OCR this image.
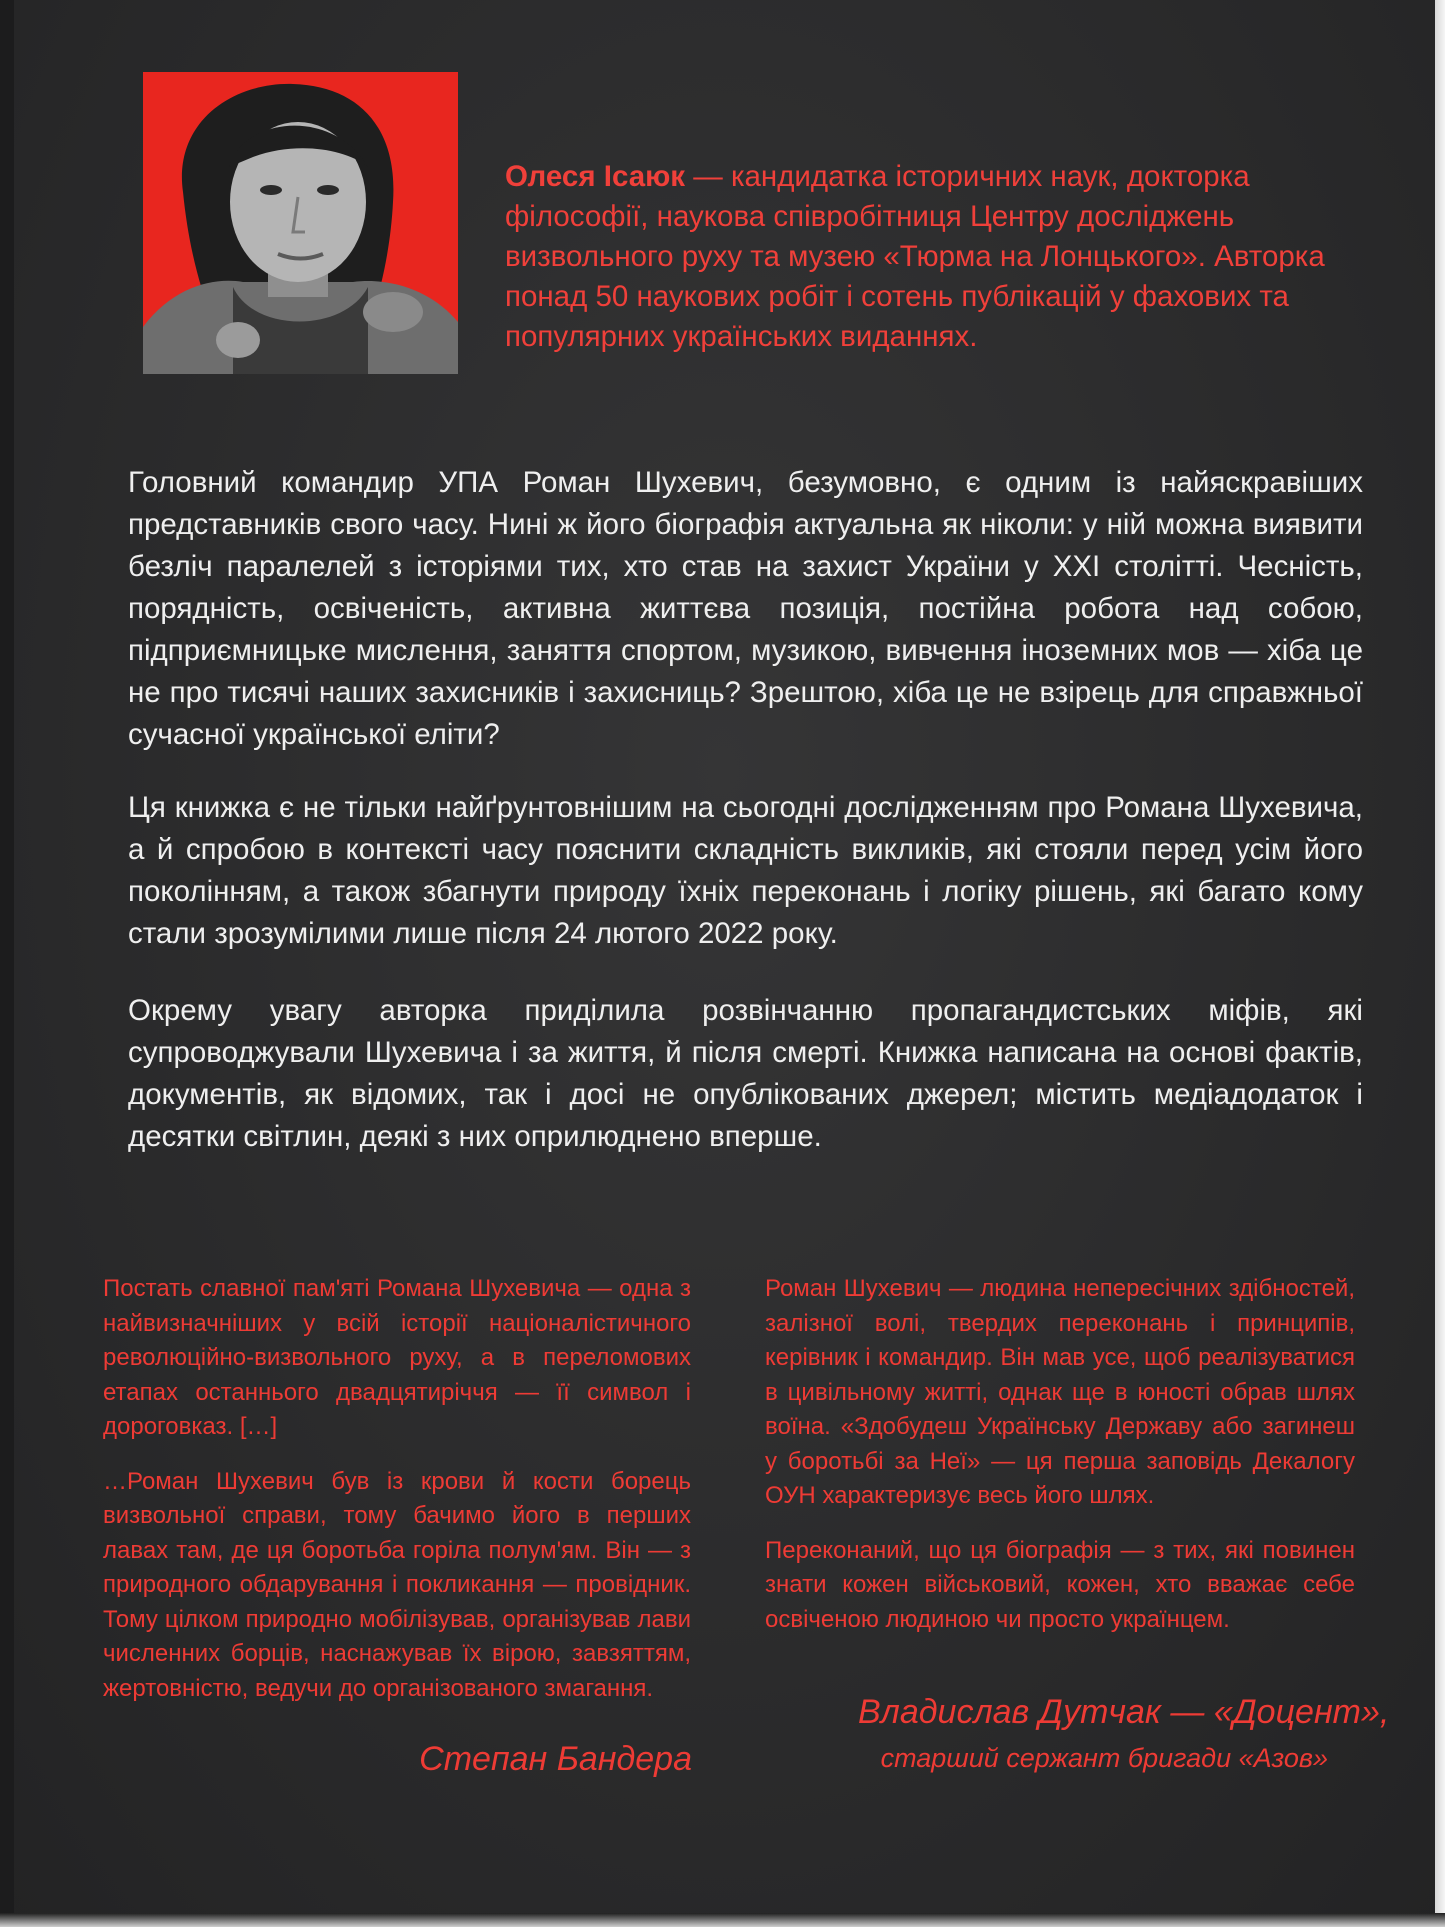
Олеся Ісаюк — кандидатка історичних наук, докторка філософії, наукова співробітниця Центру досліджень визвольного руху та музею «Тюрма на Лонцького». Авторка понад 50 наукових робіт і сотень публікацій у фахових та популярних українських виданнях.
Головний командир УПА Роман Шухевич, безумовно, є одним із найяскравіших представників свого часу. Нині ж його біографія актуальна як ніколи: у ній можна виявити безліч паралелей з історіями тих, хто став на захист України у XXI столітті. Чесність, порядність, освіченість, активна життєва позиція, постійна робота над собою, підприємницьке мислення, заняття спортом, музикою, вивчення іноземних мов — хіба це не про тисячі наших захисників і захисниць? Зрештою, хіба це не взірець для справжньої сучасної української еліти?
Ця книжка є не тільки найґрунтовнішим на сьогодні дослідженням про Романа Шухевича, а й спробою в контексті часу пояснити складність викликів, які стояли перед усім його поколінням, а також збагнути природу їхніх переконань і логіку рішень, які багато кому стали зрозумілими лише після 24 лютого 2022 року.
Окрему увагу авторка приділила розвінчанню пропагандистських міфів, які супроводжували Шухевича і за життя, й після смерті. Книжка написана на основі фактів, документів, як відомих, так і досі не опублікованих джерел; містить медіадодаток і десятки світлин, деякі з них оприлюднено вперше.

Постать славної пам'яті Романа Шухевича — одна з найвизначніших у всій історії націоналістичного революційно-визвольного руху, а в переломових етапах останнього двадцятиріччя — її символ і дороговказ. […]

…Роман Шухевич був із крови й кости борець визвольної справи, тому бачимо його в перших лавах там, де ця боротьба горіла полум'ям. Він — з природного обдарування і покликання — провідник. Тому цілком природно мобілізував, організував лави численних борців, наснажував їх вірою, завзяттям, жертовністю, ведучи до організованого змагання.

Степан Бандера

Роман Шухевич — людина непересічних здібностей, залізної волі, твердих переконань і принципів, керівник і командир. Він мав усе, щоб реалізуватися в цивільному житті, однак ще в юності обрав шлях воїна. «Здобудеш Українську Державу або загинеш у боротьбі за Неї» — ця перша заповідь Декалогу ОУН характеризує весь його шлях.

Переконаний, що ця біографія — з тих, які повинен знати кожен військовий, кожен, хто вважає себе освіченою людиною чи просто українцем.

Владислав Дутчак — «Доцент»,
старший сержант бригади «Азов»
